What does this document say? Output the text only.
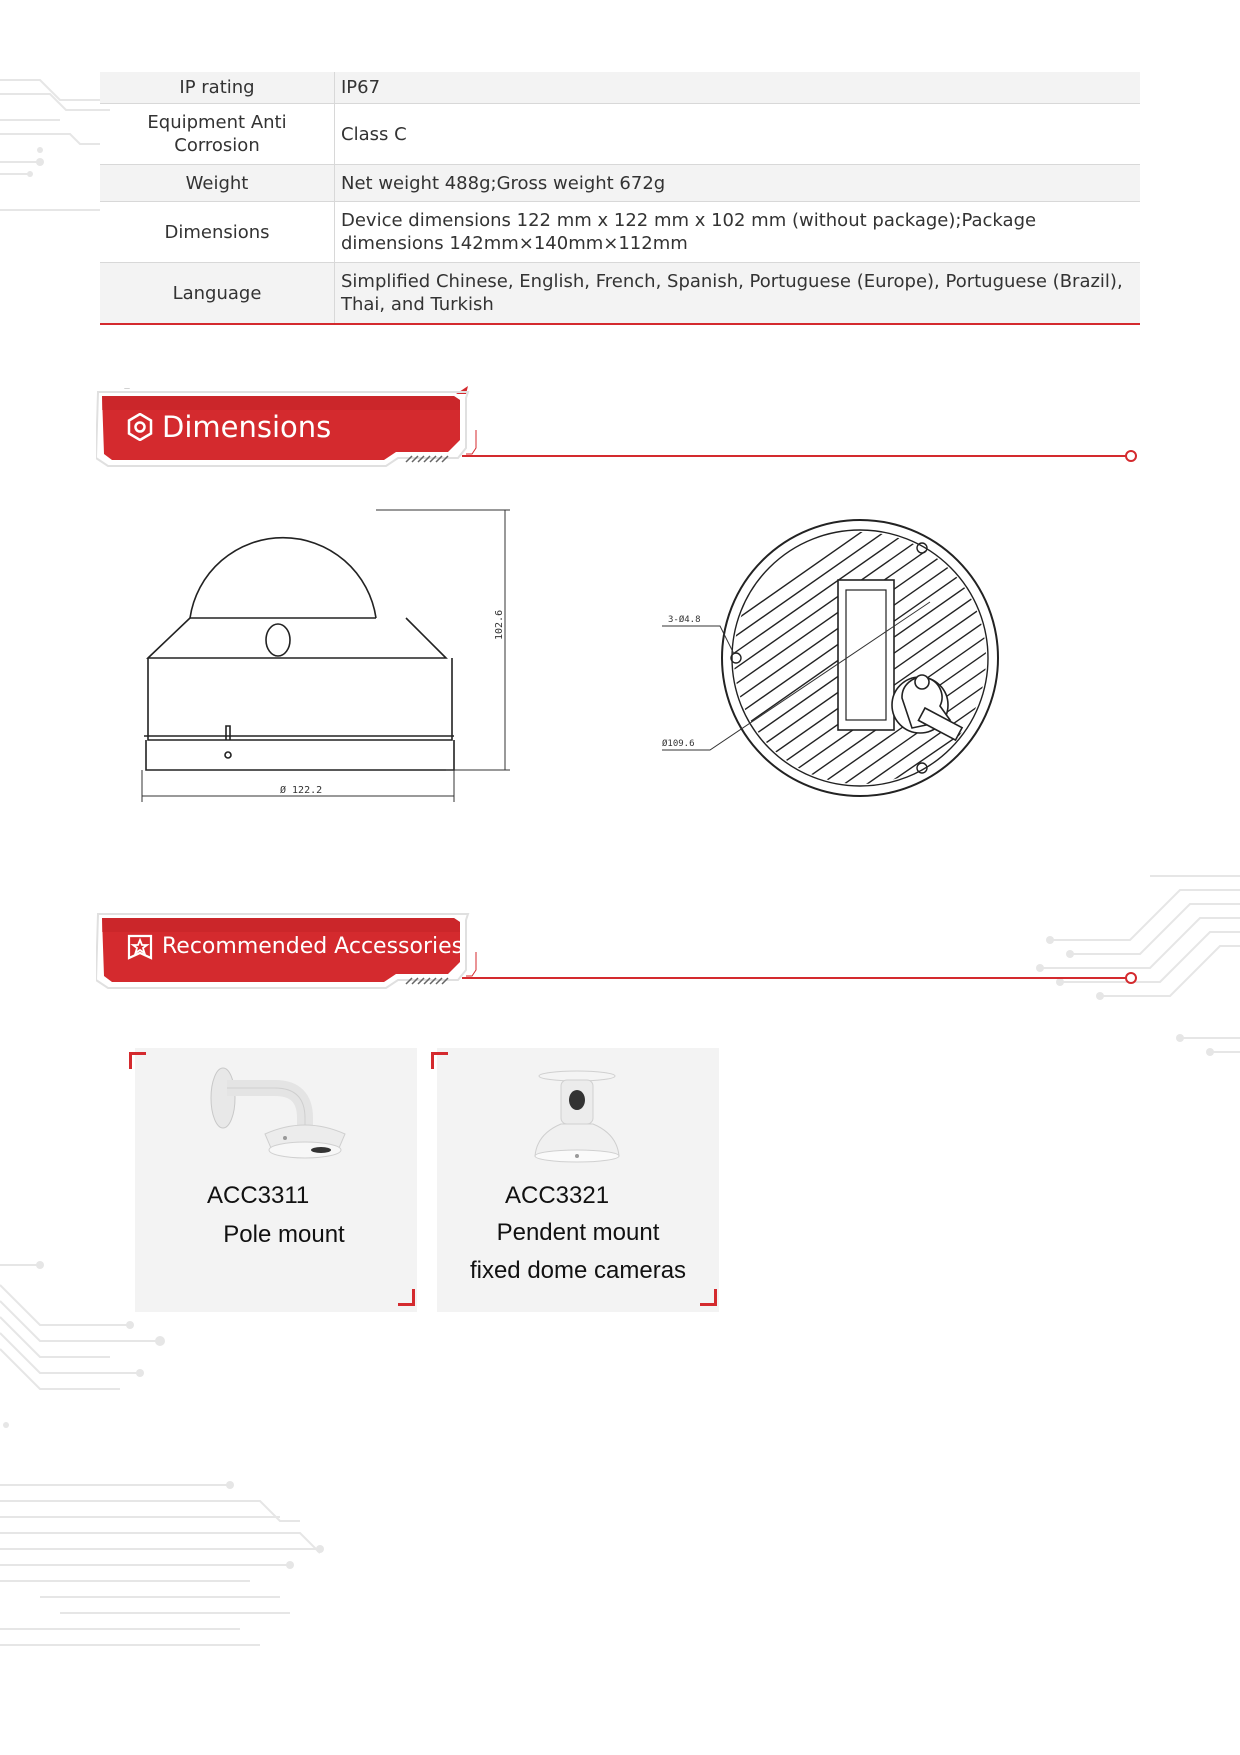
IP rating	IP67
Equipment Anti Corrosion	Class C
Weight	Net weight 488g;Gross weight 672g
Dimensions	Device dimensions 122 mm x 122 mm x 102 mm (without package);Package dimensions 142mm×140mm×112mm
Language	Simplified Chinese, English, French, Spanish, Portuguese (Europe), Portuguese (Brazil), Thai, and Turkish
—
Dimensions
102.6
Ø 122.2
3-Ø4.8
Ø109.6
Recommended Accessories
ACC3311
Pole mount
ACC3321
Pendent mount
fixed dome cameras
